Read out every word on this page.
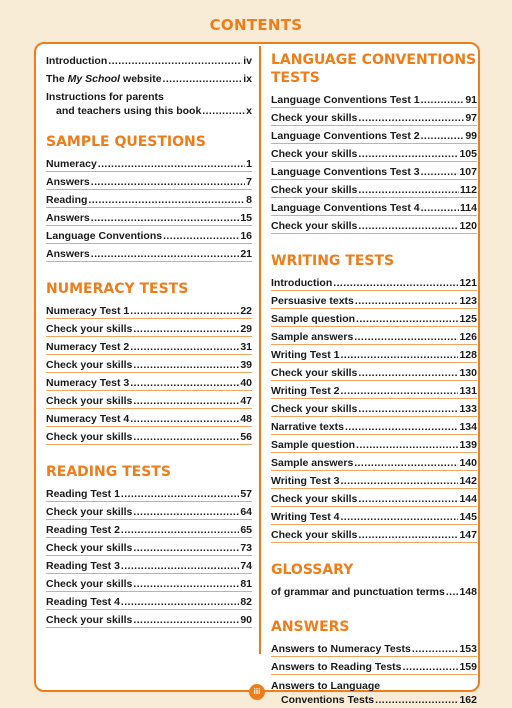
CONTENTS
Introduction .....	iv
The My School website .....	ix
Instructions for parents
and teachers using this book .....	x
SAMPLE QUESTIONS
Numeracy .....	1
Answers .....	7
Reading .....	8
Answers .....	15
Language Conventions .....	16
Answers .....	21
NUMERACY TESTS
Numeracy Test 1 .....	22
Check your skills .....	29
Numeracy Test 2 .....	31
Check your skills .....	39
Numeracy Test 3 .....	40
Check your skills .....	47
Numeracy Test 4 .....	48
Check your skills .....	56
READING TESTS
Reading Test 1 .....	57
Check your skills .....	64
Reading Test 2 .....	65
Check your skills .....	73
Reading Test 3 .....	74
Check your skills .....	81
Reading Test 4 .....	82
Check your skills .....	90
LANGUAGE CONVENTIONS
TESTS
Language Conventions Test 1 .....	91
Check your skills .....	97
Language Conventions Test 2 .....	99
Check your skills .....	105
Language Conventions Test 3 .....	107
Check your skills .....	112
Language Conventions Test 4 .....	114
Check your skills .....	120
WRITING TESTS
Introduction .....	121
Persuasive texts .....	123
Sample question .....	125
Sample answers .....	126
Writing Test 1 .....	128
Check your skills .....	130
Writing Test 2 .....	131
Check your skills .....	133
Narrative texts .....	134
Sample question .....	139
Sample answers .....	140
Writing Test 3 .....	142
Check your skills .....	144
Writing Test 4 .....	145
Check your skills .....	147
GLOSSARY
of grammar and punctuation terms ..... 148
ANSWERS
Answers to Numeracy Tests .....	153
Answers to Reading Tests .....	159
Answers to Language
Conventions Tests .....	162
iii
